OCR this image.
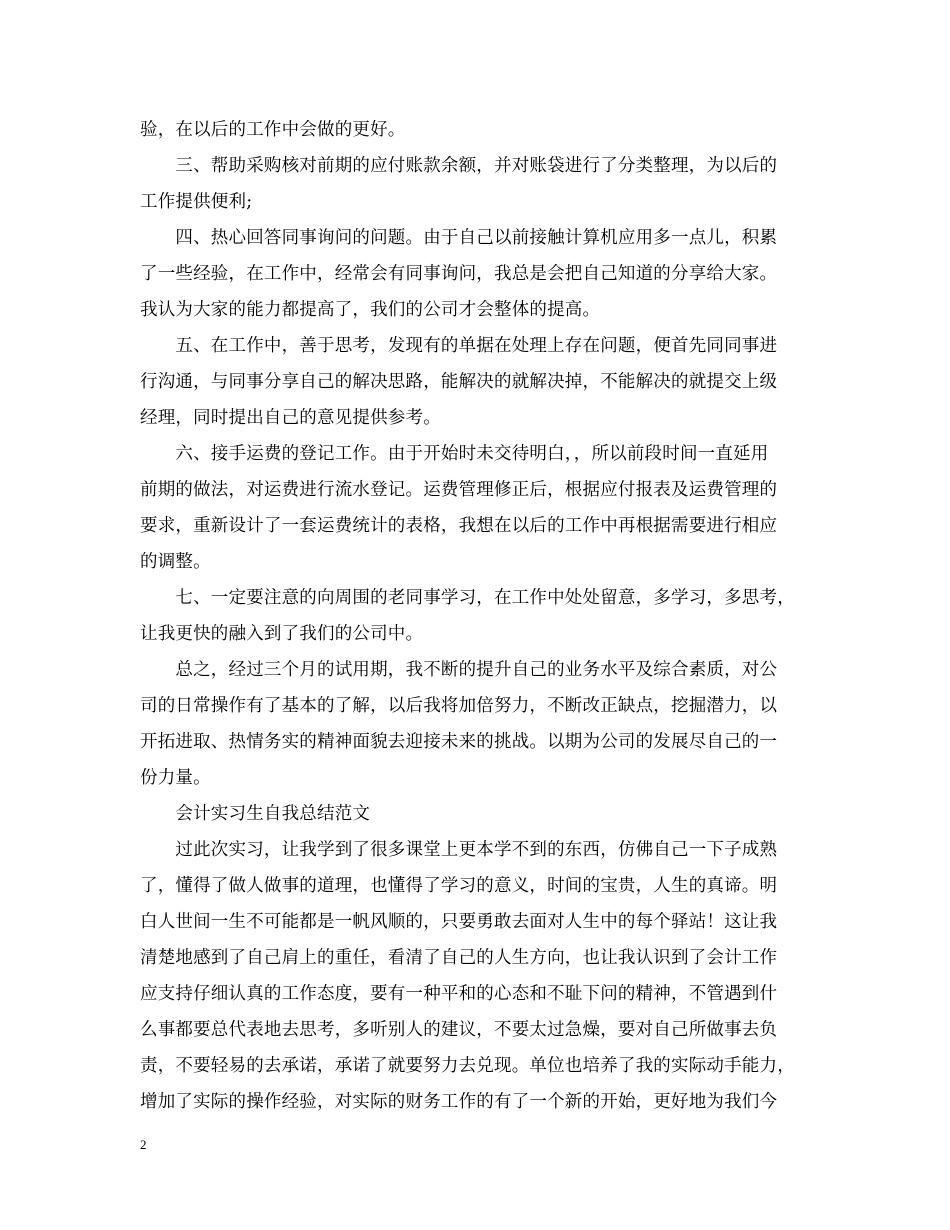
验，在以后的工作中会做的更好。
　　三、帮助采购核对前期的应付账款余额，并对账袋进行了分类整理，为以后的
工作提供便利;
　　四、热心回答同事询问的问题。由于自己以前接触计算机应用多一点儿，积累
了一些经验，在工作中，经常会有同事询问，我总是会把自己知道的分享给大家。
我认为大家的能力都提高了，我们的公司才会整体的提高。
　　五、在工作中，善于思考，发现有的单据在处理上存在问题，便首先同同事进
行沟通，与同事分享自己的解决思路，能解决的就解决掉，不能解决的就提交上级
经理，同时提出自己的意见提供参考。
　　六、接手运费的登记工作。由于开始时未交待明白，，所以前段时间一直延用
前期的做法，对运费进行流水登记。运费管理修正后，根据应付报表及运费管理的
要求，重新设计了一套运费统计的表格，我想在以后的工作中再根据需要进行相应
的调整。
　　七、一定要注意的向周围的老同事学习，在工作中处处留意，多学习，多思考，
让我更快的融入到了我们的公司中。
　　总之，经过三个月的试用期，我不断的提升自己的业务水平及综合素质，对公
司的日常操作有了基本的了解，以后我将加倍努力，不断改正缺点，挖掘潜力，以
开拓进取、热情务实的精神面貌去迎接未来的挑战。以期为公司的发展尽自己的一
份力量。
　　会计实习生自我总结范文
　　过此次实习，让我学到了很多课堂上更本学不到的东西，仿佛自己一下子成熟
了，懂得了做人做事的道理，也懂得了学习的意义，时间的宝贵，人生的真谛。明
白人世间一生不可能都是一帆风顺的，只要勇敢去面对人生中的每个驿站！这让我
清楚地感到了自己肩上的重任，看清了自己的人生方向，也让我认识到了会计工作
应支持仔细认真的工作态度，要有一种平和的心态和不耻下问的精神，不管遇到什
么事都要总代表地去思考，多听别人的建议，不要太过急燥，要对自己所做事去负
责，不要轻易的去承诺，承诺了就要努力去兑现。单位也培养了我的实际动手能力，
增加了实际的操作经验，对实际的财务工作的有了一个新的开始，更好地为我们今
2
